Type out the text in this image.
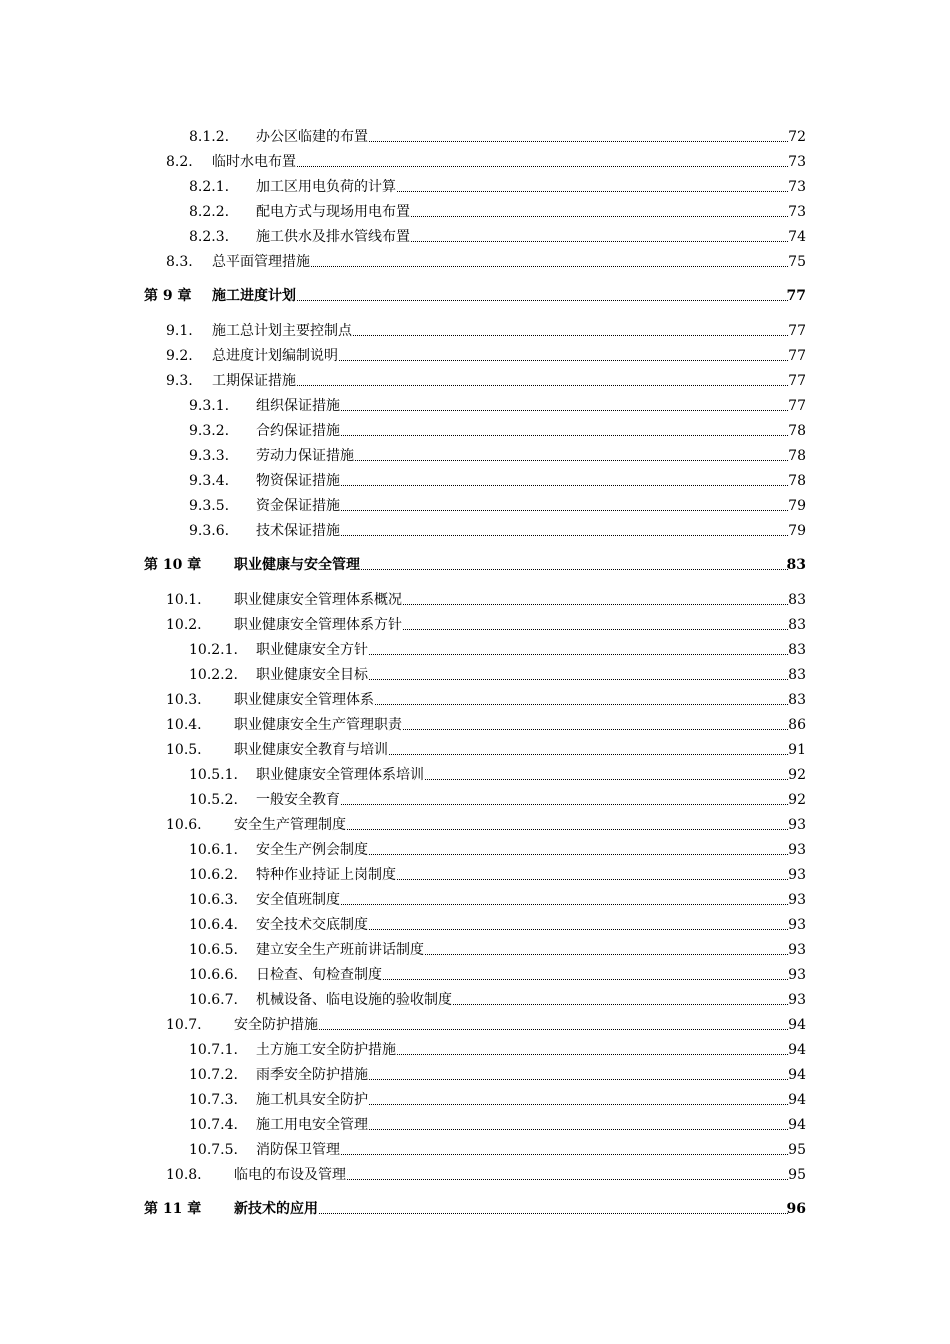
8.1.2. 办公区临建的布置	72
8.2. 临时水电布置	73
8.2.1. 加工区用电负荷的计算	73
8.2.2. 配电方式与现场用电布置	73
8.2.3. 施工供水及排水管线布置	74
8.3. 总平面管理措施	75
第 9 章 施工进度计划	77
9.1. 施工总计划主要控制点	77
9.2. 总进度计划编制说明	77
9.3. 工期保证措施	77
9.3.1. 组织保证措施	77
9.3.2. 合约保证措施	78
9.3.3. 劳动力保证措施	78
9.3.4. 物资保证措施	78
9.3.5. 资金保证措施	79
9.3.6. 技术保证措施	79
第 10 章 职业健康与安全管理	83
10.1. 职业健康安全管理体系概况	83
10.2. 职业健康安全管理体系方针	83
10.2.1. 职业健康安全方针	83
10.2.2. 职业健康安全目标	83
10.3. 职业健康安全管理体系	83
10.4. 职业健康安全生产管理职责	86
10.5. 职业健康安全教育与培训	91
10.5.1. 职业健康安全管理体系培训	92
10.5.2. 一般安全教育	92
10.6. 安全生产管理制度	93
10.6.1. 安全生产例会制度	93
10.6.2. 特种作业持证上岗制度	93
10.6.3. 安全值班制度	93
10.6.4. 安全技术交底制度	93
10.6.5. 建立安全生产班前讲话制度	93
10.6.6. 日检查、旬检查制度	93
10.6.7. 机械设备、临电设施的验收制度	93
10.7. 安全防护措施	94
10.7.1. 土方施工安全防护措施	94
10.7.2. 雨季安全防护措施	94
10.7.3. 施工机具安全防护	94
10.7.4. 施工用电安全管理	94
10.7.5. 消防保卫管理	95
10.8. 临电的布设及管理	95
第 11 章 新技术的应用	96
